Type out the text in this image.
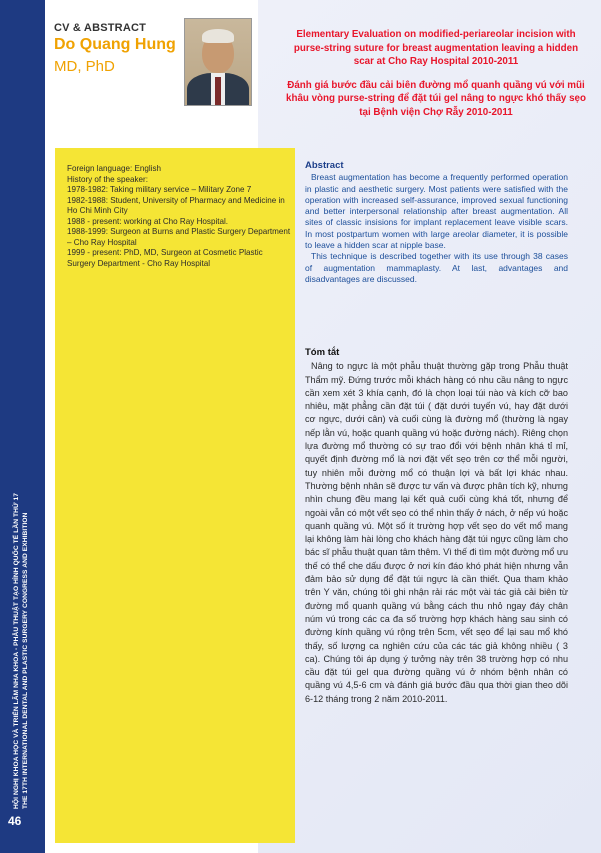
HỘI NGHỊ KHOA HỌC VÀ TRIỂN LÃM NHA KHOA - PHẪU THUẬT TẠO HÌNH QUỐC TẾ LẦN THỨ 17 THE 17TH INTERNATIONAL DENTAL AND PLASTIC SURGERY CONGRESS AND EXHIBITION
46
CV & ABSTRACT
Do Quang Hung
MD, PhD
Elementary Evaluation on modified-periareolar incision with purse-string suture for breast augmentation leaving a hidden scar at Cho Ray Hospital 2010-2011
Đánh giá bước đầu cải biên đường mổ quanh quầng vú với mũi khâu vòng purse-string để đặt túi gel nâng to ngực khó thấy sẹo tại Bệnh viện Chợ Rẫy 2010-2011
Foreign language: English
History of the speaker:
1978-1982: Taking military service – Military Zone 7
1982-1988: Student, University of Pharmacy and Medicine in Ho Chi Minh City
1988 - present: working at Cho Ray Hospital.
1988-1999: Surgeon at Burns and Plastic Surgery Department – Cho Ray Hospital
1999 - present: PhD, MD, Surgeon at Cosmetic Plastic Surgery Department - Cho Ray Hospital
Abstract

Breast augmentation has become a frequently performed operation in plastic and aesthetic surgery. Most patients were satisfied with the operation with increased self-assurance, improved sexual functioning and better interpersonal relationship after breast augmentation. All sites of classic insisions for implant replacement leave visible scars. In most postpartum women with large areolar diameter, it is possible to leave a hidden scar at nipple base.

This technique is described together with its use through 38 cases of augmentation mammaplasty. At last, advantages and disadvantages are discussed.

Tóm tắt

Nâng to ngực là một phẫu thuật thường gặp trong Phẫu thuật Thẩm mỹ. Đứng trước mỗi khách hàng có nhu cầu nâng to ngực cần xem xét 3 khía cạnh, đó là chọn loại túi nào và kích cỡ bao nhiêu, mặt phẳng cần đặt túi ( đặt dưới tuyến vú, hay đặt dưới cơ ngực, dưới cân) và cuối cùng là đường mổ (thường là ngay nếp lằn vú, hoặc quanh quầng vú hoặc đường nách). Riêng chọn lựa đường mổ thường có sự trao đổi với bệnh nhân khá tỉ mỉ, quyết định đường mổ là nơi đặt vết sẹo trên cơ thể mỗi người, tuy nhiên mỗi đường mổ có thuận lợi và bất lợi khác nhau. Thường bệnh nhân sẽ được tư vấn và được phân tích kỹ, nhưng nhìn chung đều mang lại kết quả cuối cùng khá tốt, nhưng để ngoài vẫn có một vết sẹo có thể nhìn thấy ở nách, ở nếp vú hoặc quanh quầng vú. Một số ít trường hợp vết sẹo do vết mổ mang lại không làm hài lòng cho khách hàng đặt túi ngực cũng làm cho bác sĩ phẫu thuật quan tâm thêm. Vì thế đi tìm một đường mổ ưu thế có thể che dấu được ở nơi kín đáo khó phát hiện nhưng vẫn đảm bảo sử dụng để đặt túi ngực là cần thiết. Qua tham khảo trên Y văn, chúng tôi ghi nhận rải rác một vài tác giả cải biên từ đường mổ quanh quầng vú bằng cách thu nhỏ ngay đáy chân núm vú trong các ca đa số trường hợp khách hàng sau sinh có đường kính quầng vú rộng trên 5cm, vết sẹo để lại sau mổ khó thấy, số lượng ca nghiên cứu của các tác giả không nhiều ( 3 ca). Chúng tôi áp dụng ý tưởng này trên 38 trường hợp có nhu cầu đặt túi gel qua đường quầng vú ở nhóm bệnh nhân có quầng vú 4,5-6 cm và đánh giá bước đầu qua thời gian theo dõi 6-12 tháng trong 2 năm 2010-2011.
